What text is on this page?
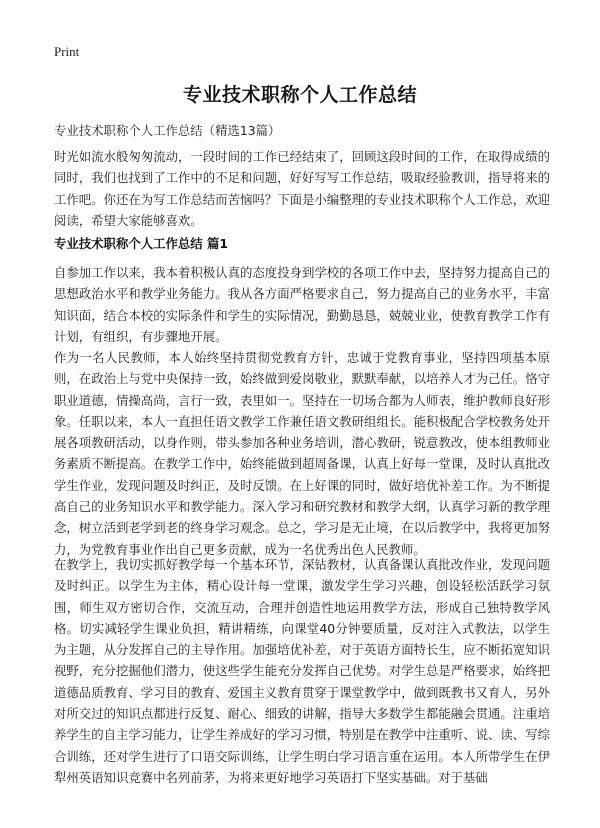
Print
专业技术职称个人工作总结
专业技术职称个人工作总结（精选13篇）

时光如流水般匆匆流动，一段时间的工作已经结束了，回顾这段时间的工作，在取得成绩的同时，我们也找到了工作中的不足和问题，好好写写工作总结，吸取经验教训，指导将来的工作吧。你还在为写工作总结而苦恼吗？下面是小编整理的专业技术职称个人工作总，欢迎阅读，希望大家能够喜欢。

专业技术职称个人工作总结 篇1

自参加工作以来，我本着积极认真的态度投身到学校的各项工作中去，坚持努力提高自己的思想政治水平和教学业务能力。我从各方面严格要求自己，努力提高自己的业务水平，丰富知识面，结合本校的实际条件和学生的实际情况，勤勤恳恳，兢兢业业，使教育教学工作有计划，有组织，有步骤地开展。

作为一名人民教师，本人始终坚持贯彻党教育方针，忠诚于党教育事业，坚持四项基本原则，在政治上与党中央保持一致，始终做到爱岗敬业，默默奉献，以培养人才为己任。恪守职业道德，情操高尚，言行一致，表里如一。坚持在一切场合都为人师表，维护教师良好形象。任职以来，本人一直担任语文教学工作兼任语文教研组组长。能积极配合学校教务处开展各项教研活动，以身作则，带头参加各种业务培训，潜心教研，锐意教改，使本组教师业务素质不断提高。在教学工作中，始终能做到超周备课，认真上好每一堂课，及时认真批改学生作业，发现问题及时纠正，及时反馈。在上好课的同时，做好培优补差工作。为不断提高自己的业务知识水平和教学能力。深入学习和研究教材和教学大纲，认真学习新的教学理念，树立活到老学到老的终身学习观念。总之，学习是无止境，在以后教学中，我将更加努力，为党教育事业作出自己更多贡献，成为一名优秀出色人民教师。

在教学上，我切实抓好教学每一个基本环节，深钻教材，认真备课认真批改作业，发现问题及时纠正。以学生为主体，精心设计每一堂课，激发学生学习兴趣，创设轻松活跃学习氛围，师生双方密切合作，交流互动，合理并创造性地运用教学方法，形成自己独特教学风格。切实减轻学生课业负担，精讲精练，向课堂40分钟要质量，反对注入式教法，以学生为主题，从分发挥自己的主导作用。加强培优补差，对于英语方面特长生，应不断拓宽知识视野，充分挖掘他们潜力，使这些学生能充分发挥自己优势。对学生总是严格要求，始终把道德品质教育、学习目的教育、爱国主义教育贯穿于课堂教学中，做到既教书又育人，另外对所交过的知识点都进行反复、耐心、细致的讲解，指导大多数学生都能融会贯通。注重培养学生的自主学习能力，让学生养成好的学习习惯，特别是在教学中注重听、说、读、写综合训练，还对学生进行了口语交际训练，让学生明白学习语言重在运用。本人所带学生在伊犁州英语知识竞赛中名列前茅，为将来更好地学习英语打下坚实基础。对于基础
